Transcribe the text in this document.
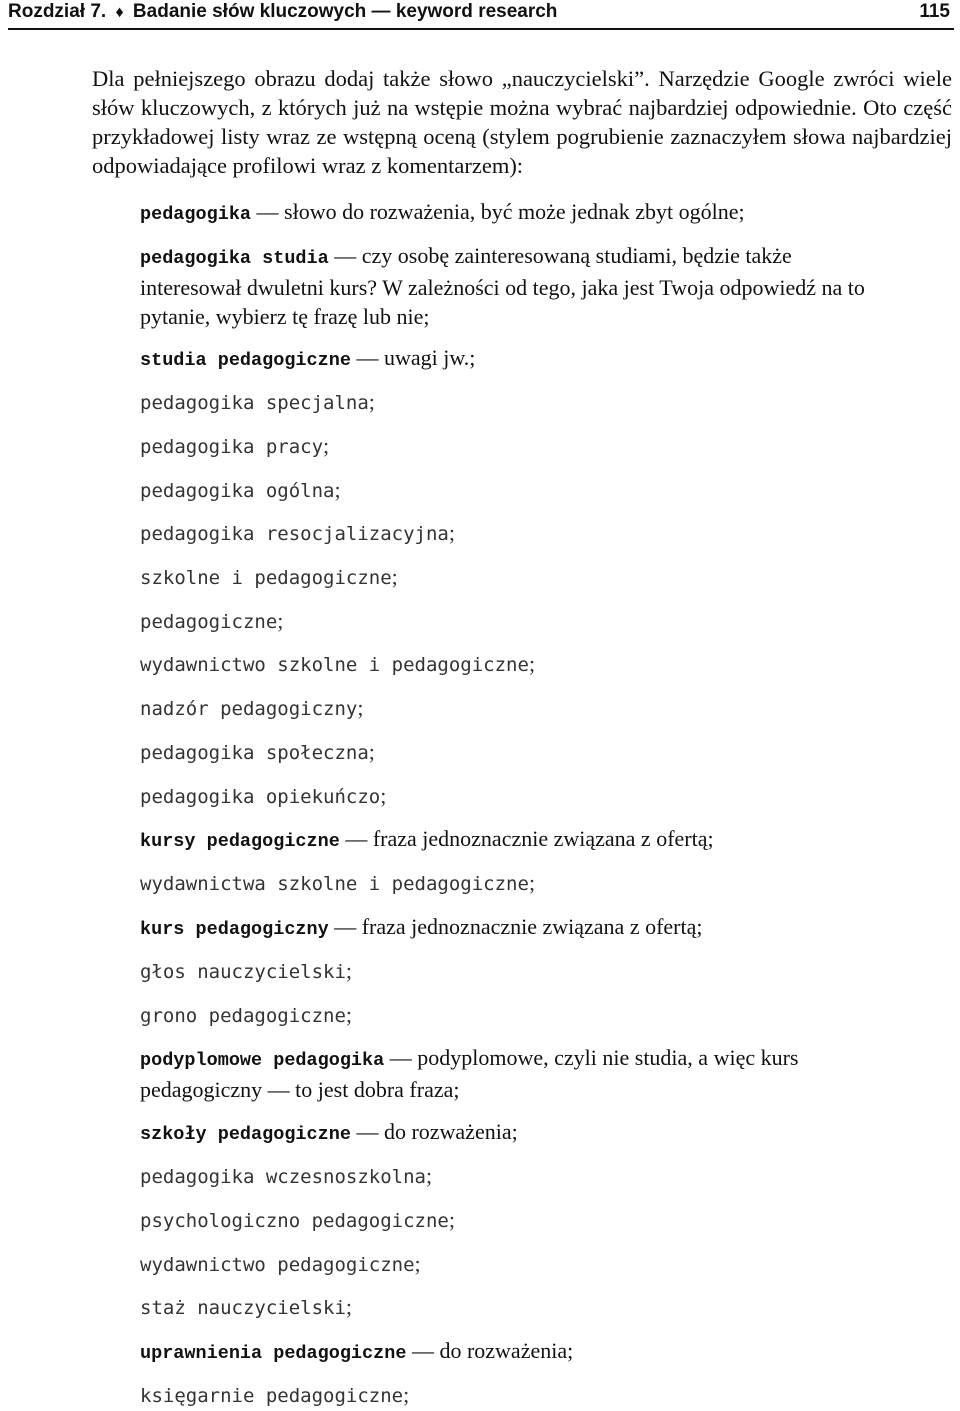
Rozdział 7. ♦ Badanie słów kluczowych — keyword research	115

Dla pełniejszego obrazu dodaj także słowo „nauczycielski”. Narzędzie Google zwróci wiele słów kluczowych, z których już na wstępie można wybrać najbardziej odpowiednie. Oto część przykładowej listy wraz ze wstępną oceną (stylem pogrubienie zaznaczyłem słowa najbardziej odpowiadające profilowi wraz z komentarzem):

pedagogika — słowo do rozważenia, być może jednak zbyt ogólne;
pedagogika studia — czy osobę zainteresowaną studiami, będzie także interesował dwuletni kurs? W zależności od tego, jaka jest Twoja odpowiedź na to pytanie, wybierz tę frazę lub nie;
studia pedagogiczne — uwagi jw.;
pedagogika specjalna;
pedagogika pracy;
pedagogika ogólna;
pedagogika resocjalizacyjna;
szkolne i pedagogiczne;
pedagogiczne;
wydawnictwo szkolne i pedagogiczne;
nadzór pedagogiczny;
pedagogika społeczna;
pedagogika opiekuńczo;
kursy pedagogiczne — fraza jednoznacznie związana z ofertą;
wydawnictwa szkolne i pedagogiczne;
kurs pedagogiczny — fraza jednoznacznie związana z ofertą;
głos nauczycielski;
grono pedagogiczne;
podyplomowe pedagogika — podyplomowe, czyli nie studia, a więc kurs pedagogiczny — to jest dobra fraza;
szkoły pedagogiczne — do rozważenia;
pedagogika wczesnoszkolna;
psychologiczno pedagogiczne;
wydawnictwo pedagogiczne;
staż nauczycielski;
uprawnienia pedagogiczne — do rozważenia;
księgarnie pedagogiczne;
